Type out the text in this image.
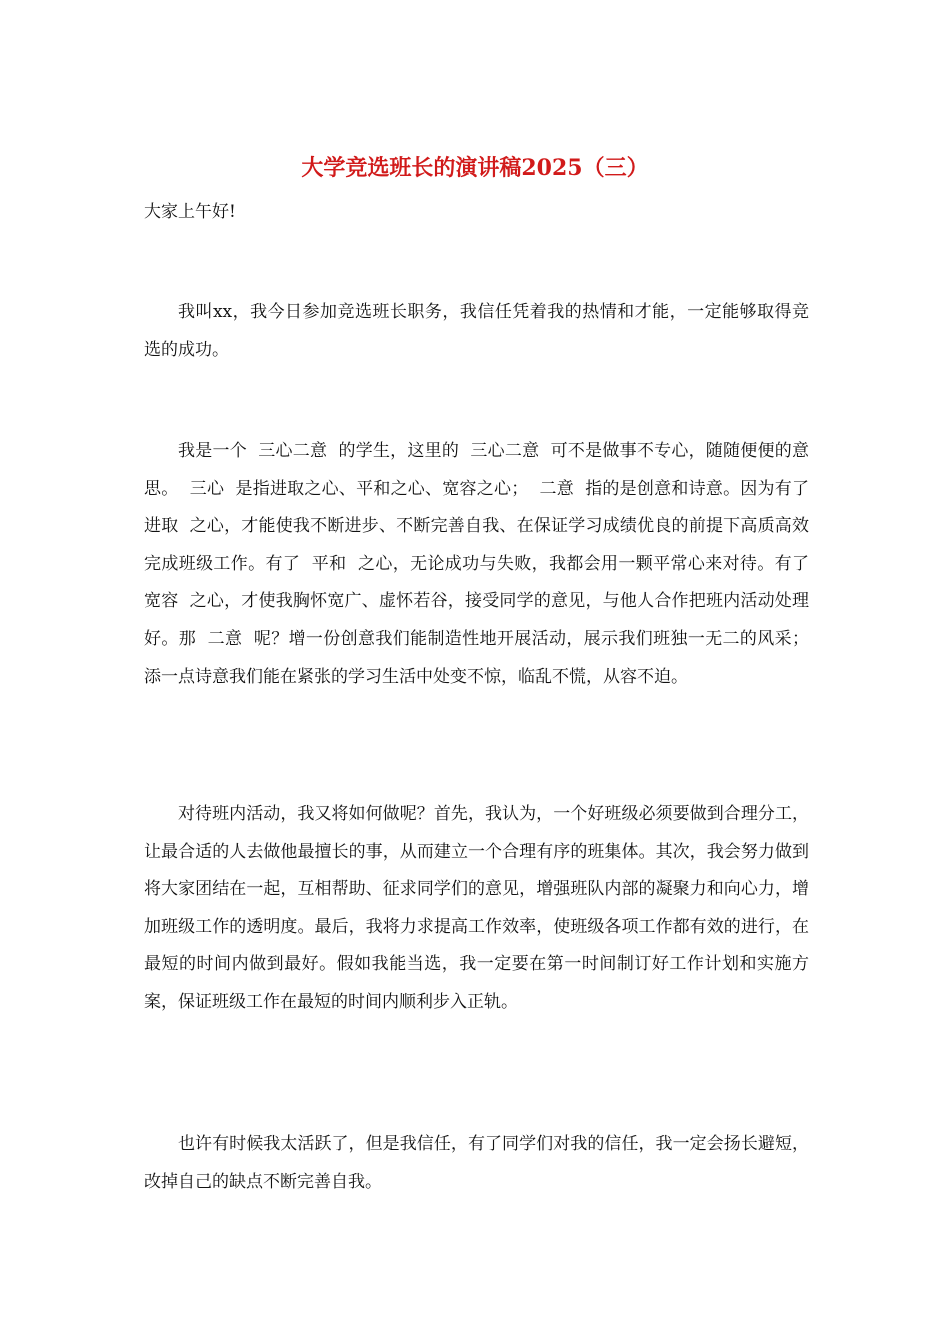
大学竞选班长的演讲稿2025（三）

大家上午好!

我叫xx，我今日参加竞选班长职务，我信任凭着我的热情和才能，一定能够取得竞选的成功。

我是一个  三心二意  的学生，这里的  三心二意  可不是做事不专心，随随便便的意思。  三心  是指进取之心、平和之心、宽容之心；  二意  指的是创意和诗意。因为有了  进取  之心，才能使我不断进步、不断完善自我、在保证学习成绩优良的前提下高质高效完成班级工作。有了  平和  之心，无论成功与失败，我都会用一颗平常心来对待。有了  宽容  之心，才使我胸怀宽广、虚怀若谷，接受同学的意见，与他人合作把班内活动处理好。那  二意  呢？增一份创意我们能制造性地开展活动，展示我们班独一无二的风采；添一点诗意我们能在紧张的学习生活中处变不惊，临乱不慌，从容不迫。

对待班内活动，我又将如何做呢？首先，我认为，一个好班级必须要做到合理分工，让最合适的人去做他最擅长的事，从而建立一个合理有序的班集体。其次，我会努力做到将大家团结在一起，互相帮助、征求同学们的意见，增强班队内部的凝聚力和向心力，增加班级工作的透明度。最后，我将力求提高工作效率，使班级各项工作都有效的进行，在最短的时间内做到最好。假如我能当选，我一定要在第一时间制订好工作计划和实施方案，保证班级工作在最短的时间内顺利步入正轨。

也许有时候我太活跃了，但是我信任，有了同学们对我的信任，我一定会扬长避短，改掉自己的缺点不断完善自我。
